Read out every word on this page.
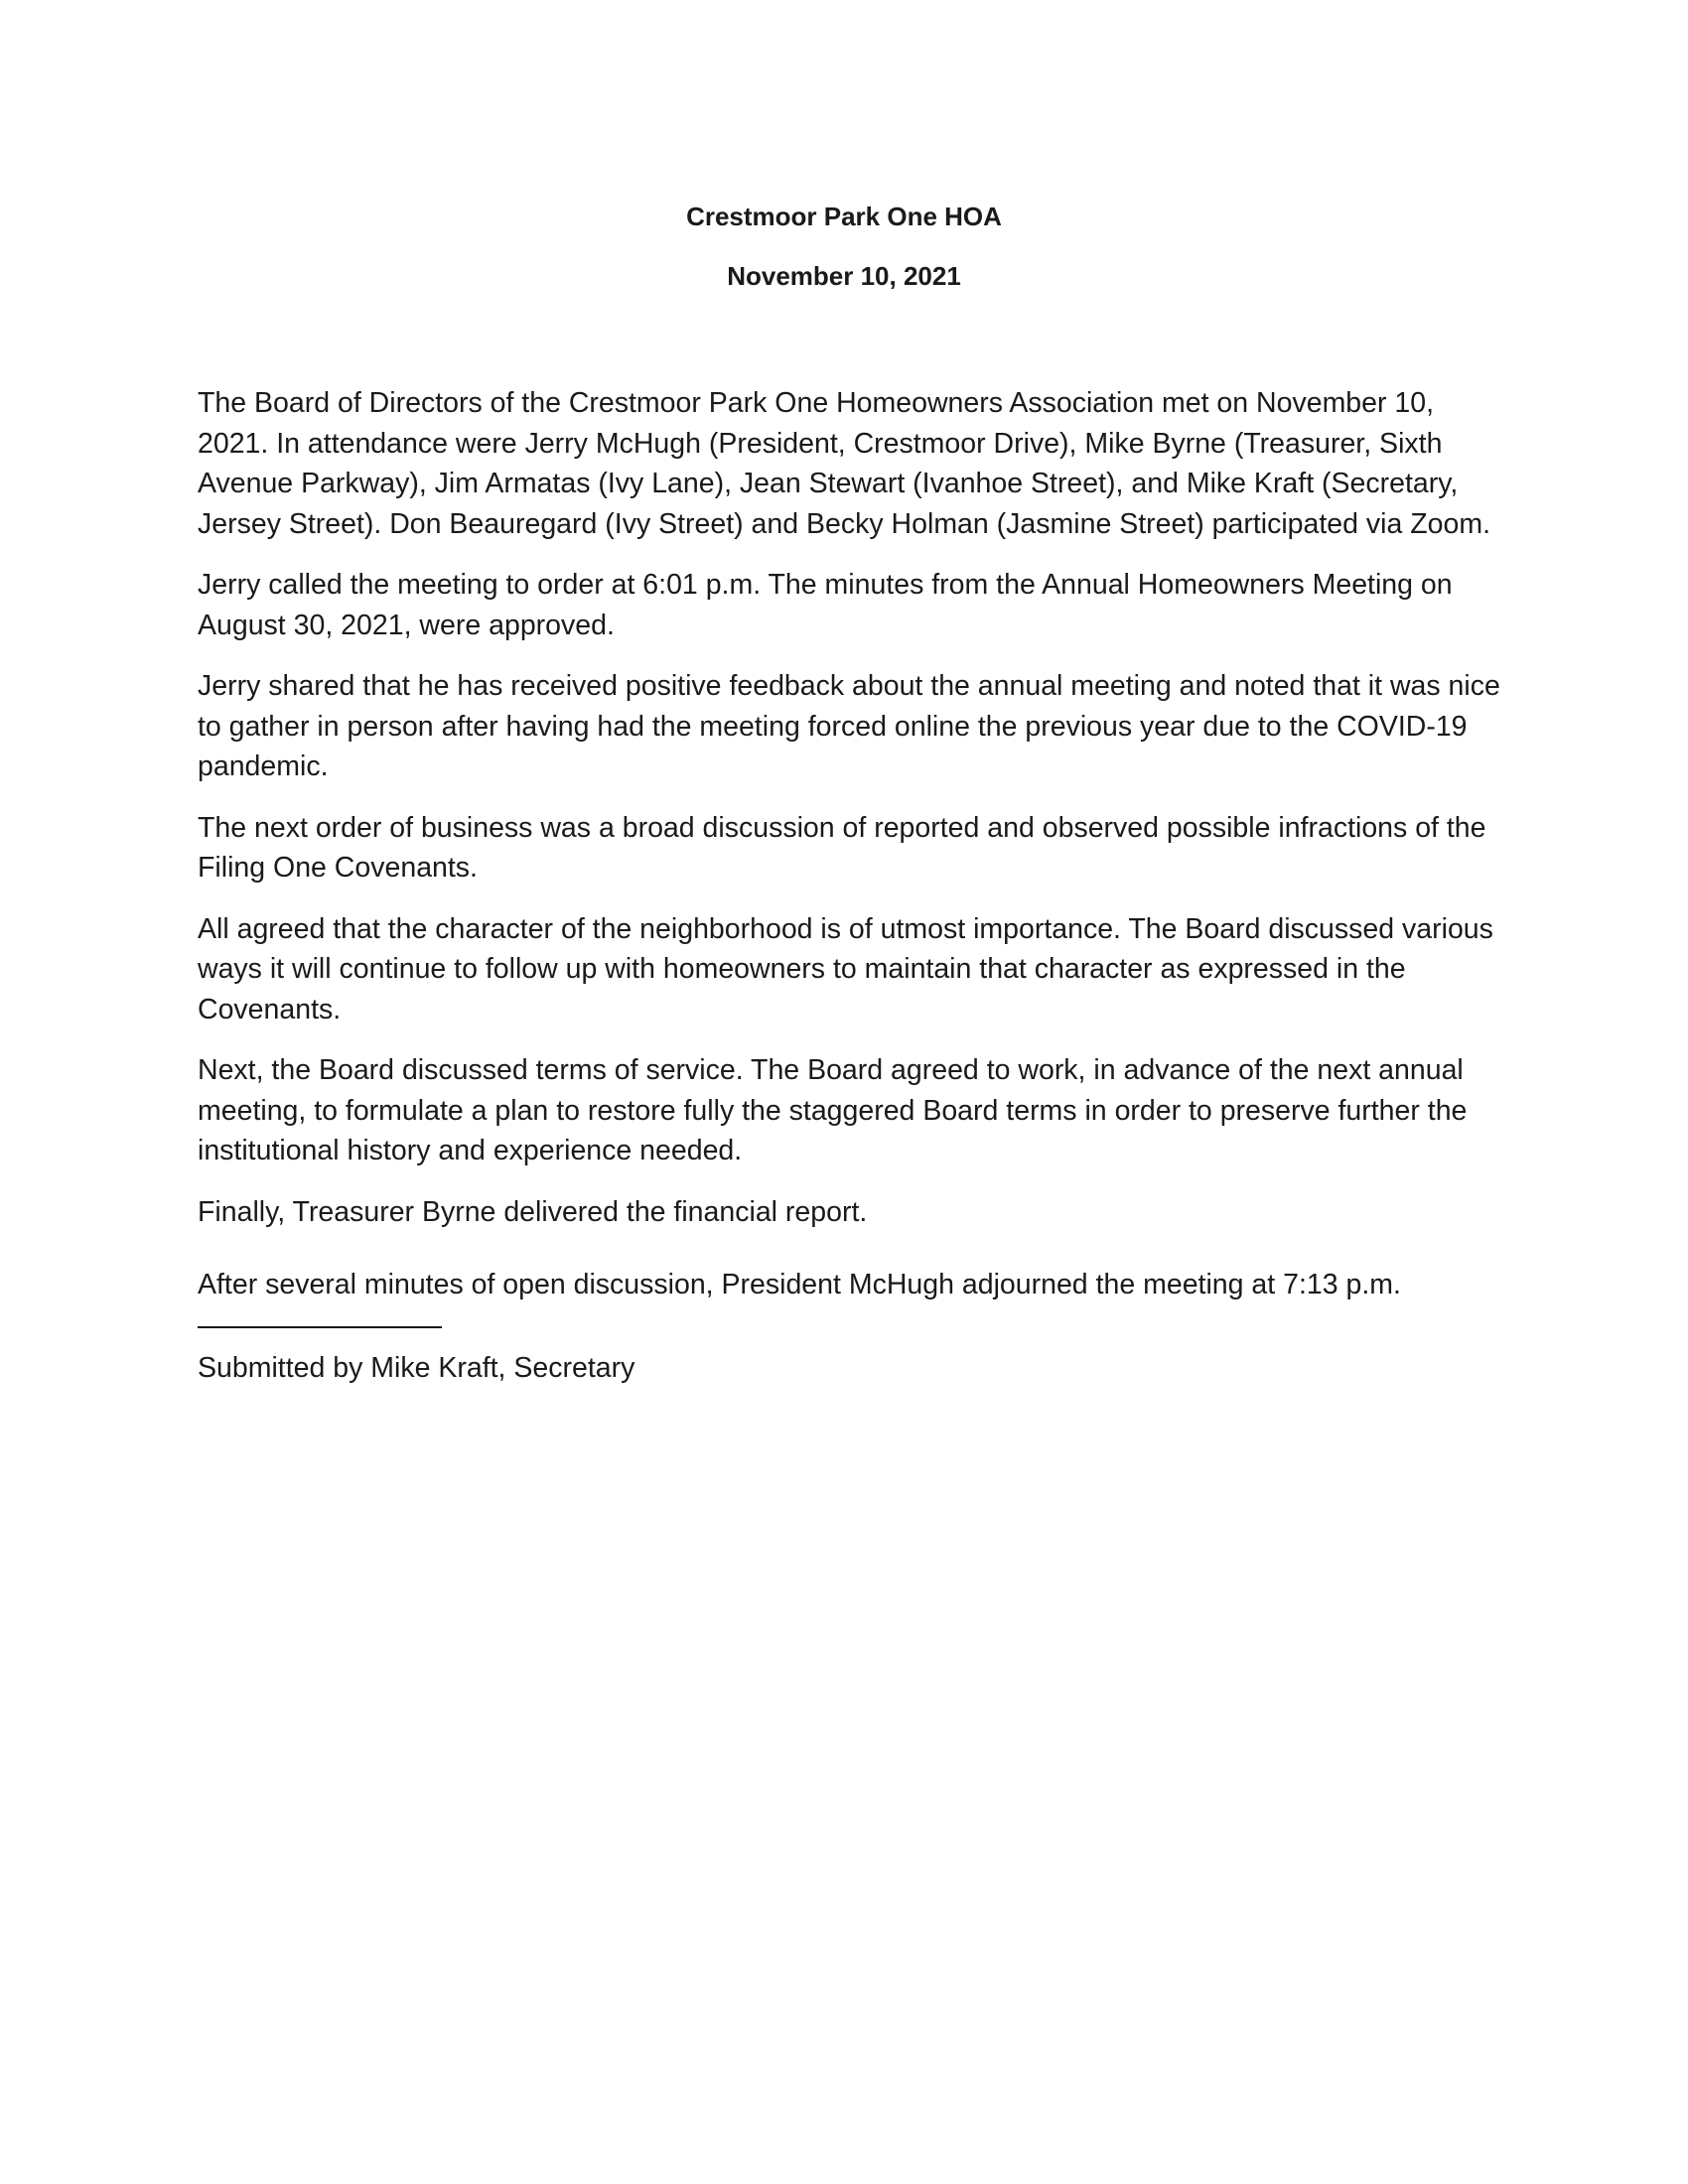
Crestmoor Park One HOA
November 10, 2021

The Board of Directors of the Crestmoor Park One Homeowners Association met on November 10, 2021. In attendance were Jerry McHugh (President, Crestmoor Drive), Mike Byrne (Treasurer, Sixth Avenue Parkway), Jim Armatas (Ivy Lane), Jean Stewart (Ivanhoe Street), and Mike Kraft (Secretary, Jersey Street). Don Beauregard (Ivy Street) and Becky Holman (Jasmine Street) participated via Zoom.

Jerry called the meeting to order at 6:01 p.m. The minutes from the Annual Homeowners Meeting on August 30, 2021, were approved.

Jerry shared that he has received positive feedback about the annual meeting and noted that it was nice to gather in person after having had the meeting forced online the previous year due to the COVID-19 pandemic.

The next order of business was a broad discussion of reported and observed possible infractions of the Filing One Covenants.

All agreed that the character of the neighborhood is of utmost importance. The Board discussed various ways it will continue to follow up with homeowners to maintain that character as expressed in the Covenants.

Next, the Board discussed terms of service. The Board agreed to work, in advance of the next annual meeting, to formulate a plan to restore fully the staggered Board terms in order to preserve further the institutional history and experience needed.

Finally, Treasurer Byrne delivered the financial report.

After several minutes of open discussion, President McHugh adjourned the meeting at 7:13 p.m.

Submitted by Mike Kraft, Secretary
